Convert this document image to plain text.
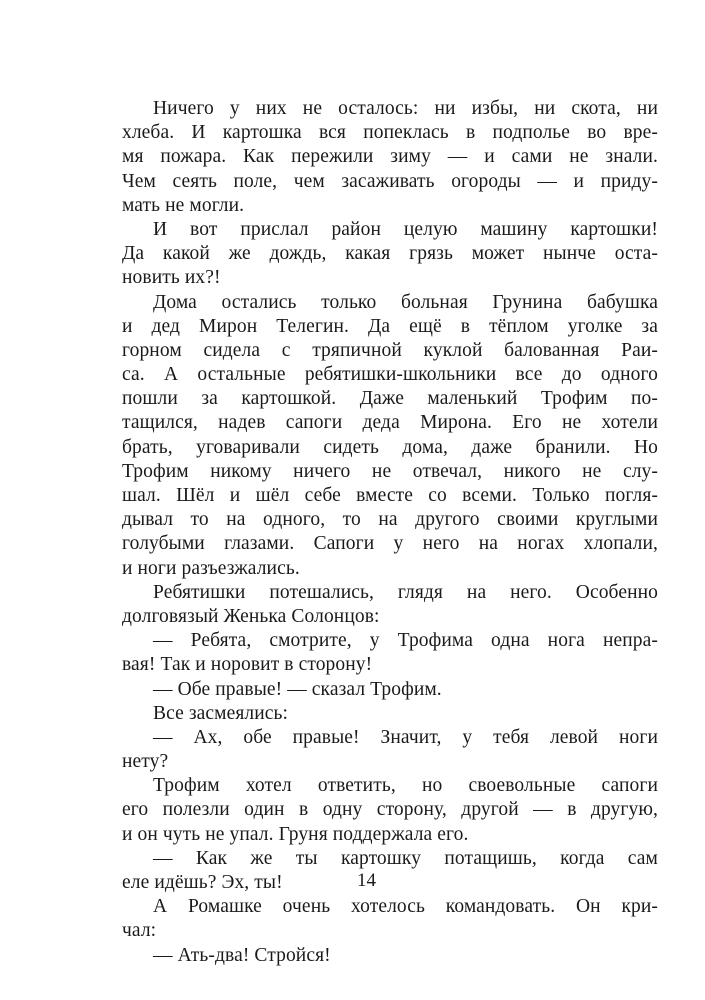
Ничего у них не осталось: ни избы, ни скота, ни
хлеба. И картошка вся попеклась в подполье во вре-
мя пожара. Как пережили зиму — и сами не знали.
Чем сеять поле, чем засаживать огороды — и приду-
мать не могли.
И вот прислал район целую машину картошки!
Да какой же дождь, какая грязь может нынче оста-
новить их?!
Дома остались только больная Грунина бабушка
и дед Мирон Телегин. Да ещё в тёплом уголке за
горном сидела с тряпичной куклой балованная Раи-
са. А остальные ребятишки-школьники все до одного
пошли за картошкой. Даже маленький Трофим по-
тащился, надев сапоги деда Мирона. Его не хотели
брать, уговаривали сидеть дома, даже бранили. Но
Трофим никому ничего не отвечал, никого не слу-
шал. Шёл и шёл себе вместе со всеми. Только погля-
дывал то на одного, то на другого своими круглыми
голубыми глазами. Сапоги у него на ногах хлопали,
и ноги разъезжались.
Ребятишки потешались, глядя на него. Особенно
долговязый Женька Солонцов:
— Ребята, смотрите, у Трофима одна нога непра-
вая! Так и норовит в сторону!
— Обе правые! — сказал Трофим.
Все засмеялись:
— Ах, обе правые! Значит, у тебя левой ноги
нету?
Трофим хотел ответить, но своевольные сапоги
его полезли один в одну сторону, другой — в другую,
и он чуть не упал. Груня поддержала его.
— Как же ты картошку потащишь, когда сам
еле идёшь? Эх, ты!
А Ромашке очень хотелось командовать. Он кри-
чал:
— Ать-два! Стройся!
14
